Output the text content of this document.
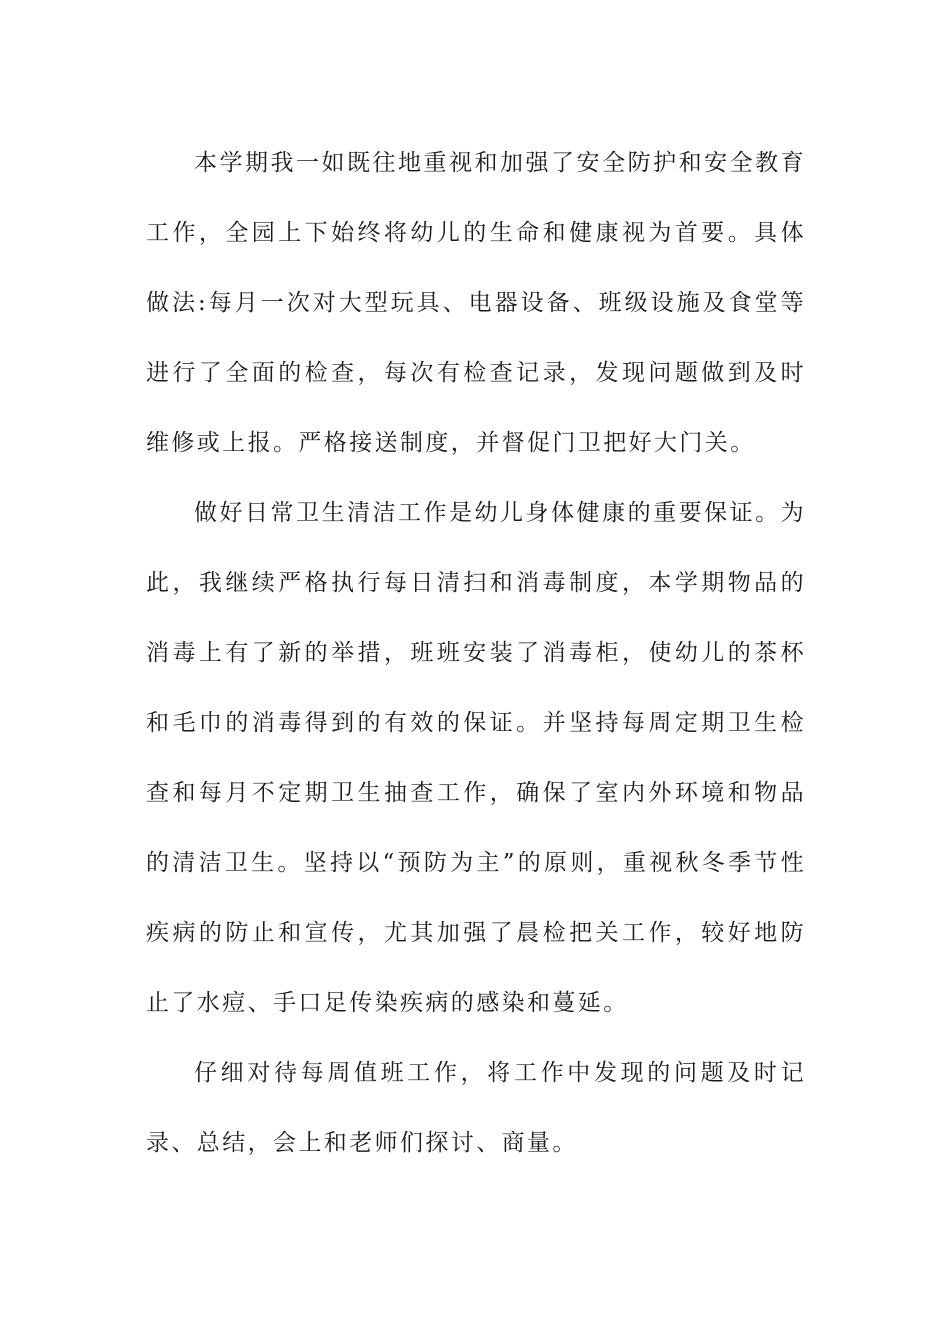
本学期我一如既往地重视和加强了安全防护和安全教育工作，全园上下始终将幼儿的生命和健康视为首要。具体做法:每月一次对大型玩具、电器设备、班级设施及食堂等进行了全面的检查，每次有检查记录，发现问题做到及时维修或上报。严格接送制度，并督促门卫把好大门关。

做好日常卫生清洁工作是幼儿身体健康的重要保证。为此，我继续严格执行每日清扫和消毒制度，本学期物品的消毒上有了新的举措，班班安装了消毒柜，使幼儿的茶杯和毛巾的消毒得到的有效的保证。并坚持每周定期卫生检查和每月不定期卫生抽查工作，确保了室内外环境和物品的清洁卫生。坚持以“预防为主”的原则，重视秋冬季节性疾病的防止和宣传，尤其加强了晨检把关工作，较好地防止了水痘、手口足传染疾病的感染和蔓延。

仔细对待每周值班工作，将工作中发现的问题及时记录、总结，会上和老师们探讨、商量。
